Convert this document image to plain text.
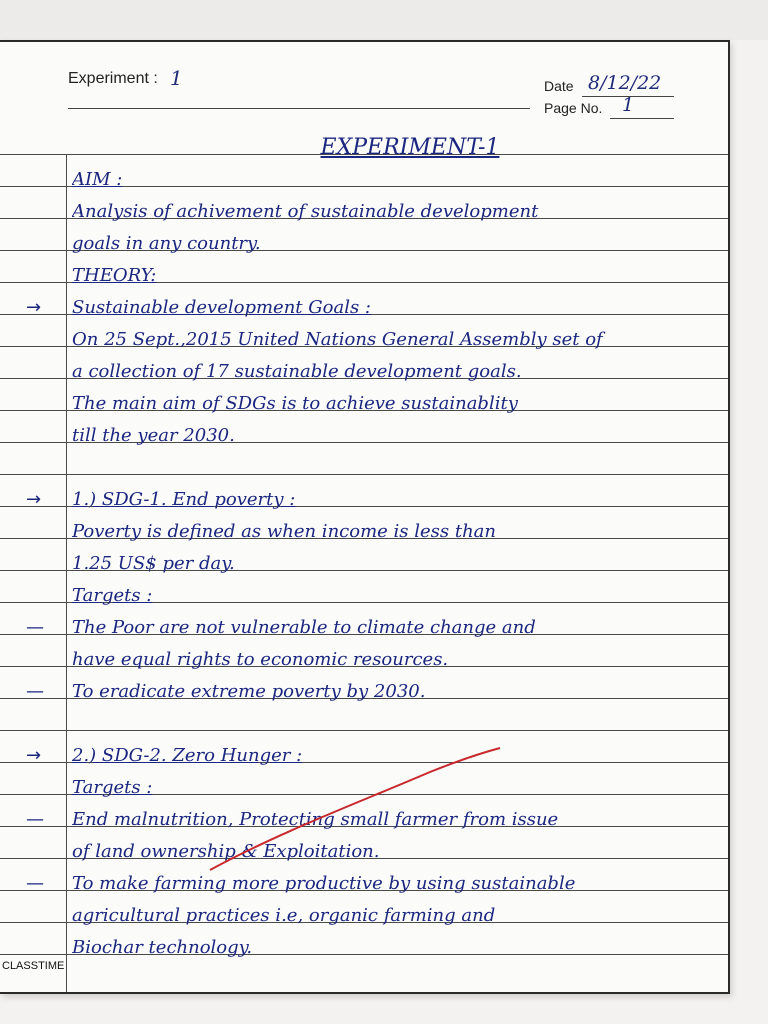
Experiment : 1	Date 8/12/22
Page No. 1
EXPERIMENT-1
AIM :
Analysis of achivement of sustainable development
goals in any country.
THEORY:
Sustainable development Goals :
→
On 25 Sept.,2015 United Nations General Assembly set of
a collection of 17 sustainable development goals.
The main aim of SDGs is to achieve sustainablity
till the year 2030.
1.) SDG-1. End poverty :
→
Poverty is defined as when income is less than
1.25 US$ per day.
Targets :
The Poor are not vulnerable to climate change and
—
have equal rights to economic resources.
To eradicate extreme poverty by 2030.
—
2.) SDG-2. Zero Hunger :
→
Targets :
End malnutrition, Protecting small farmer from issue
—
of land ownership & Exploitation.
To make farming more productive by using sustainable
—
agricultural practices i.e, organic farming and
Biochar technology.
CLASSTIME
